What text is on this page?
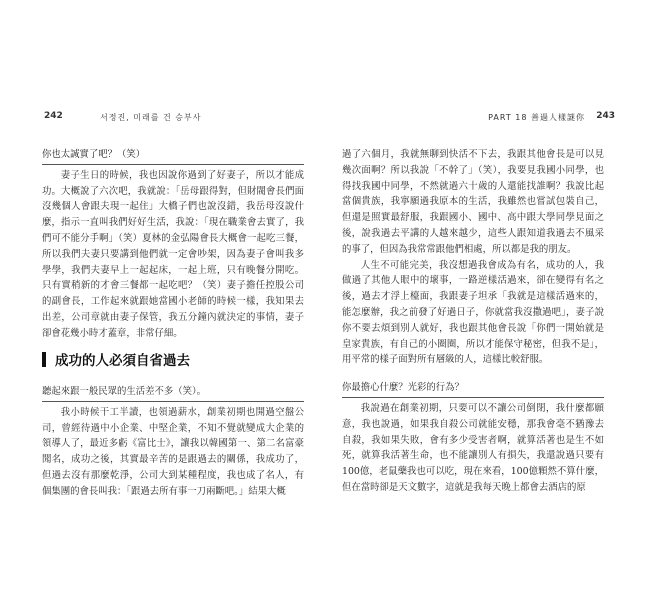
242	서정진, 미래를 건 승부사

你也太誠實了吧？（笑）

妻子生日的時候，我也因說你過到了好妻子，所以才能成功。大概說了六次吧，我就說：「岳母跟得對，但財閥會長們面沒幾個人會跟夫現一起住」大橋子們也說沒錯，我岳母沒說什麼，指示一直叫我們好好生活，我說：「現在職業會去實了，我們可不能分手啊」（笑）夏林的金弘陽會長大概會一起吃三餐，所以我們夫妻只要講到他們就一定會吵架，因為妻子會叫我多學學，我們夫妻早上一起起床，一起上班，只有晚餐分開吃。只有實稍新的才會三餐都一起吃吧？（笑）妻子擔任控股公司的副會長，工作起來就跟她當國小老師的時候一樣，我知果去出差，公司章就由妻子保管，我五分鐘內就決定的事情，妻子卻會花幾小時才蓋章，非常仔細。

成功的人必須自省過去

聽起來跟一般民眾的生活差不多（笑）。

我小時候干工半讀，也領過薪水，創業初期也開過空盤公司，曾經待過中小企業、中堅企業，不知不覺就變成大企業的領導人了，最近多虧《富比士》，讓我以韓國第一、第二名富豪聞名，成功之後，其實最辛苦的是跟過去的關係，我成功了，但過去沒有那麼乾淨，公司大到某種程度，我也成了名人，有個集團的會長叫我：「跟過去所有事一刀兩斷吧。」結果大概

PART 18 善過人樣謎你 243

過了六個月，我就無聊到快活不下去，我跟其他會長是可以見幾次面啊？所以我說「不幹了」（笑），我要見我國小同學，也得找我國中同學，不然就過六十歲的人還能找誰啊？我說比起當個貴族，我寧願過我原本的生活，我雖然也嘗試包裝自己，但還是照實最舒服，我跟國小、國中、高中跟大學同學見面之後，說我過去平講的人越來越少，這些人跟知道我過去不風采的事了，但因為我常常跟他們相處，所以都是我的朋友。

人生不可能完美，我沒想過我會成為有名，成功的人，我做過了其他人眼中的壞事，一路逆樣活過來，卻在變得有名之後，過去才浮上檯面，我跟妻子坦承「我就是這樣活過來的，能怎麼辦，我之前發了好過日子，你就當我沒撒過吧」，妻子說你不要去煩到別人就好，我也跟其他會長說「你們一開始就是皇家貴族，有自己的小圈圈，所以才能保守秘密，但我不是」，用平常的樣子面對所有層級的人，這樣比較舒服。

你最擔心什麼？光彩的行為？

我說過在創業初期，只要可以不讓公司倒閉，我什麼都願意，我也說過，如果我自殺公司就能安穩，那我會毫不猶豫去自殺，我如果失敗，會有多少受害者啊，就算活著也是生不如死，就算我活著生命，也不能讓別人有損失，我還說過只要有100億，老鼠藥我也可以吃，現在來看，100億顆然不算什麼，但在當時卻是天文數字，這就是我每天晚上都會去酒店的原
